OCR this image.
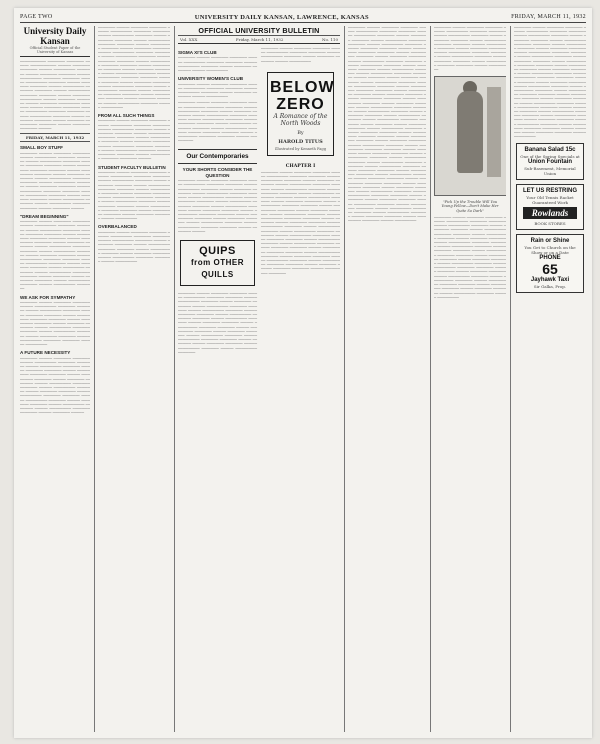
PAGE TWO	UNIVERSITY DAILY KANSAN, LAWRENCE, KANSAS	FRIDAY, MARCH 11, 1932
University Daily Kansan
Official Student Paper of the University of Kansas

──────────── ──────── ──────── ────── ──────────── ────── ──────── ──────── ────── ────────── ──────── ────── ──────── ──────── ────── ────────── ──────── ──────── ────── ────────── ──────── ────── ──────── ──────── ────── ────────── ──────── ──────── ────── ────────── ──────── ──────── ────── ──────── ────────── ────── ──────── ──────── ────── ──────── ────────── ──────── ────── ──────── ──────── ────── ────────── ──────── ──────── ────── ────────── ──────── ────── ──────── ──────── ────── ──────── ────────── ──────── ────── ──────── ──────── ──────

FRIDAY, MARCH 11, 1932
SMALL BOY STUFF

──────── ────── ──────── ──────── ────── ────────── ──────── ──────── ────── ────────── ──────── ────── ──────── ──────── ────── ────────── ──────── ──────── ────── ────────── ──────── ────── ──────── ──────── ────── ────────── ──────── ──────── ────── ────────── ──────── ────── ──────── ──────── ────── ────────── ──────── ──────── ────── ────────── ──────── ────── ──────── ──────── ────── ────────── ──────── ────── ────────── ──────── ──────── ────── ──────── ──────

"DREAM BEGINNING"

──────── ────── ──────── ──────── ────── ────────── ──────── ──────── ────── ────────── ──────── ────── ──────── ──────── ────── ────────── ──────── ──────── ────── ────────── ──────── ────── ──────── ──────── ────── ────────── ──────── ──────── ────── ────────── ──────── ────── ──────── ──────── ────── ────────── ──────── ──────── ────── ────────── ──────── ────── ──────── ──────── ────── ────────── ──────── ────── ────────── ──────── ──────── ────── ──────── ────── ──────── ──────── ────── ────────── ──────── ────── ────────── ────────

WE ASK FOR SYMPATHY

──────── ────── ──────── ──────── ────── ────────── ──────── ──────── ────── ────────── ──────── ────── ──────── ──────── ────── ────────── ──────── ──────── ────── ────────── ──────── ────── ──────── ──────── ────── ────────── ──────── ──────── ────── ────────── ──────── ────── ──────── ──────── ────── ────────── ──────── ──────── ────── ──────────

A FUTURE NECESSITY

──────── ────── ──────── ──────── ────── ────────── ──────── ──────── ────── ────────── ──────── ────── ──────── ──────── ────── ────────── ──────── ──────── ────── ────────── ──────── ────── ──────── ──────── ────── ────────── ──────── ──────── ────── ────────── ──────── ────── ──────── ──────── ────── ────────── ──────── ──────── ────── ────────── ──────── ────── ──────── ──────── ────── ────────── ──────── ────── ────────── ──────── ──────── ────── ──────── ──────

──────── ────── ──────── ──────── ────── ────────── ──────── ──────── ────── ────────── ──────── ────── ──────── ──────── ────── ────────── ──────── ──────── ────── ────────── ──────── ────── ──────── ──────── ────── ────────── ──────── ──────── ────── ────────── ──────── ────── ──────── ──────── ────── ────────── ──────── ──────── ────── ────────── ──────── ────── ──────── ──────── ────── ────────── ──────── ────── ────────── ──────── ──────── ────── ──────── ────── ──────── ──────── ────── ────────── ──────── ────── ────────── ──────── ────── ────────── ──────── ──────── ────── ────────── ──────── ────── ──────── ──────── ────── ────────── ──────── ────── ──────────

FROM ALL SUCH THINGS

──────── ────── ──────── ──────── ────── ────────── ──────── ──────── ────── ────────── ──────── ────── ──────── ──────── ────── ────────── ──────── ──────── ────── ────────── ──────── ────── ──────── ──────── ────── ────────── ──────── ──────── ────── ────────── ──────── ────── ──────── ──────── ────── ────────── ──────── ──────── ──────

STUDENT FACULTY BULLETIN

──────── ────── ──────── ──────── ────── ────────── ──────── ──────── ────── ────────── ──────── ────── ──────── ──────── ────── ────────── ──────── ──────── ────── ────────── ──────── ────── ──────── ──────── ────── ────────── ──────── ──────── ────── ────────── ──────── ────── ──────── ──────── ────── ────────── ──────── ──────── ────── ────────── ──────── ────── ──────── ──────── ────── ──────────

OVERBALANCED

──────── ────── ──────── ──────── ────── ────────── ──────── ──────── ────── ────────── ──────── ────── ──────── ──────── ────── ────────── ──────── ──────── ────── ────────── ──────── ────── ──────── ──────── ────── ────────── ──────── ──────── ────── ──────────

OFFICIAL UNIVERSITY BULLETIN
Vol. XXX	Friday, March 11, 1932	No. 110
SIGMA XI'S CLUB

──────── ────── ──────── ──────── ────── ────────── ──────── ──────── ────── ────────── ──────── ────── ──────── ──────── ────── ──────────

UNIVERSITY WOMEN'S CLUB

──────── ────── ──────── ──────── ────── ────────── ──────── ──────── ────── ────────── ──────── ────── ──────── ──────── ────── ──────────

──────── ────── ──────── ──────── ────── ────────── ──────── ──────── ────── ────────── ──────── ────── ──────── ──────── ────── ────────── ──────── ──────── ────── ────────── ──────── ────── ──────── ──────── ────── ────────── ──────── ──────── ────── ────────── ──────── ────── ──────── ──────── ────── ────────── ──────── ──────── ────── ──────────

Our Contemporaries
YOUR SHORTS CONSIDER THE QUESTION

──────── ────── ──────── ──────── ────── ────────── ──────── ──────── ────── ────────── ──────── ────── ──────── ──────── ────── ────────── ──────── ──────── ────── ────────── ──────── ────── ──────── ──────── ────── ────────── ──────── ──────── ────── ────────── ──────── ────── ──────── ──────── ────── ────────── ──────── ──────── ────── ────────── ──────── ────── ──────── ──────── ────── ────────── ──────── ────── ────────── ──────── ──────── ────── ──────── ──────

QUIPS
from OTHER QUILLS

──────── ────── ──────── ──────── ────── ────────── ──────── ──────── ────── ────────── ──────── ────── ──────── ──────── ────── ────────── ──────── ──────── ────── ────────── ──────── ────── ──────── ──────── ────── ────────── ──────── ──────── ────── ────────── ──────── ────── ──────── ──────── ────── ────────── ──────── ──────── ────── ────────── ──────── ────── ──────── ──────── ────── ────────── ──────── ────── ────────── ──────── ──────── ────── ──────── ────── ──────── ──────── ────── ────────── ──────── ────── ────────── ────────

──────── ────── ──────── ──────── ────── ────────── ──────── ──────── ────── ────────── ──────── ────── ──────── ──────── ────── ──────────

BELOW
ZERO
A Romance of the North Woods
By
HAROLD TITUS
Illustrated by Kenneth Fagg
CHAPTER I

──────── ────── ──────── ──────── ────── ────────── ──────── ──────── ────── ────────── ──────── ────── ──────── ──────── ────── ────────── ──────── ──────── ────── ────────── ──────── ────── ──────── ──────── ────── ────────── ──────── ──────── ────── ────────── ──────── ────── ──────── ──────── ────── ────────── ──────── ──────── ────── ────────── ──────── ────── ──────── ──────── ────── ────────── ──────── ────── ────────── ──────── ──────── ────── ──────── ────── ──────── ──────── ────── ────────── ──────── ────── ────────── ──────── ────── ────────── ──────── ──────── ────── ────────── ──────── ────── ──────── ──────── ────── ────────── ──────── ────── ────────── ──────── ────── ──────── ──────── ────── ────────── ──────── ──────── ────── ────────── ──────── ────── ──────── ──────── ────── ────────── ──────── ────── ────────── ──────── ──────── ────── ──────── ────── ──────── ──────── ────── ────────── ────────

──────── ────── ──────── ──────── ────── ────────── ──────── ──────── ────── ────────── ──────── ────── ──────── ──────── ────── ────────── ──────── ──────── ────── ────────── ──────── ────── ──────── ──────── ────── ────────── ──────── ──────── ────── ────────── ──────── ────── ──────── ──────── ────── ────────── ──────── ──────── ────── ────────── ──────── ────── ──────── ──────── ────── ────────── ──────── ────── ────────── ──────── ──────── ────── ──────── ────── ──────── ──────── ────── ────────── ──────── ────── ────────── ──────── ────── ────────── ──────── ──────── ────── ────────── ──────── ────── ──────── ──────── ────── ────────── ──────── ────── ────────── ──────── ────── ──────── ──────── ────── ────────── ──────── ──────── ────── ────────── ──────── ────── ──────── ──────── ────── ────────── ──────── ────── ────────── ──────── ──────── ────── ──────── ────── ──────── ──────── ────── ────────── ──────── ────── ──────── ──────── ────── ────────── ──────── ──────── ────── ────────── ──────── ────── ──────── ──────── ────── ────────── ──────── ────── ────────── ──────── ──────── ────── ──────── ────── ──────── ──────── ────── ────────── ──────── ────── ────────── ──────── ────── ────────── ──────── ──────── ────── ────────── ──────── ────── ──────── ──────── ────── ────────── ──────── ────── ────────── ──────── ────── ──────── ──────── ────── ────────── ──────── ──────── ────── ────────── ──────── ────── ──────── ──────── ────── ────────── ──────── ────── ────────── ──────── ──────── ────── ──────── ────── ──────── ──────── ────── ────────── ──────── ────── ────────── ──────── ────── ────────── ──────── ──────── ────── ────────── ──────── ────── ──────── ──────── ────── ────────── ──────── ────── ──────────

──────── ────── ──────── ──────── ────── ────────── ──────── ──────── ────── ────────── ──────── ────── ──────── ──────── ────── ────────── ──────── ──────── ────── ────────── ──────── ────── ──────── ──────── ────── ────────── ──────── ──────── ────── ────────── ──────── ────── ──────── ──────── ────── ────────── ──────── ──────── ────── ──────────

"Pick Up the Trouble Will You Young Fellow—Don't Make Her Quite So Dark"

──────── ────── ──────── ──────── ────── ────────── ──────── ──────── ────── ────────── ──────── ────── ──────── ──────── ────── ────────── ──────── ──────── ────── ────────── ──────── ────── ──────── ──────── ────── ────────── ──────── ──────── ────── ────────── ──────── ────── ──────── ──────── ────── ────────── ──────── ──────── ────── ────────── ──────── ────── ──────── ──────── ────── ────────── ──────── ────── ────────── ──────── ──────── ────── ──────── ────── ──────── ──────── ────── ────────── ──────── ────── ────────── ──────── ────── ────────── ──────── ──────── ────── ────────── ──────── ────── ──────── ──────── ────── ────────── ──────── ────── ──────────

──────── ────── ──────── ──────── ────── ────────── ──────── ──────── ────── ────────── ──────── ────── ──────── ──────── ────── ────────── ──────── ──────── ────── ────────── ──────── ────── ──────── ──────── ────── ────────── ──────── ──────── ────── ────────── ──────── ────── ──────── ──────── ────── ────────── ──────── ──────── ────── ────────── ──────── ────── ──────── ──────── ────── ────────── ──────── ────── ────────── ──────── ──────── ────── ──────── ────── ──────── ──────── ────── ────────── ──────── ────── ────────── ──────── ────── ────────── ──────── ──────── ────── ────────── ──────── ────── ──────── ──────── ────── ────────── ──────── ────── ────────── ──────── ────── ──────── ──────── ────── ────────── ──────── ──────── ────── ────────── ──────── ────── ──────── ──────── ────── ────────── ──────── ────── ────────── ──────── ──────── ────── ──────── ────── ──────── ──────── ────── ──────────

Banana Salad 15c
One of the Spring Specials at
Union Fountain
Sub-Basement, Memorial Union
LET US RESTRING
Your Old Tennis Racket
Guaranteed Work
Rowlands
BOOK STORES
Rain or Shine
You Get to Church on the Show or on a Date
PHONE
65
Jayhawk Taxi
Sir Galka, Prop.
